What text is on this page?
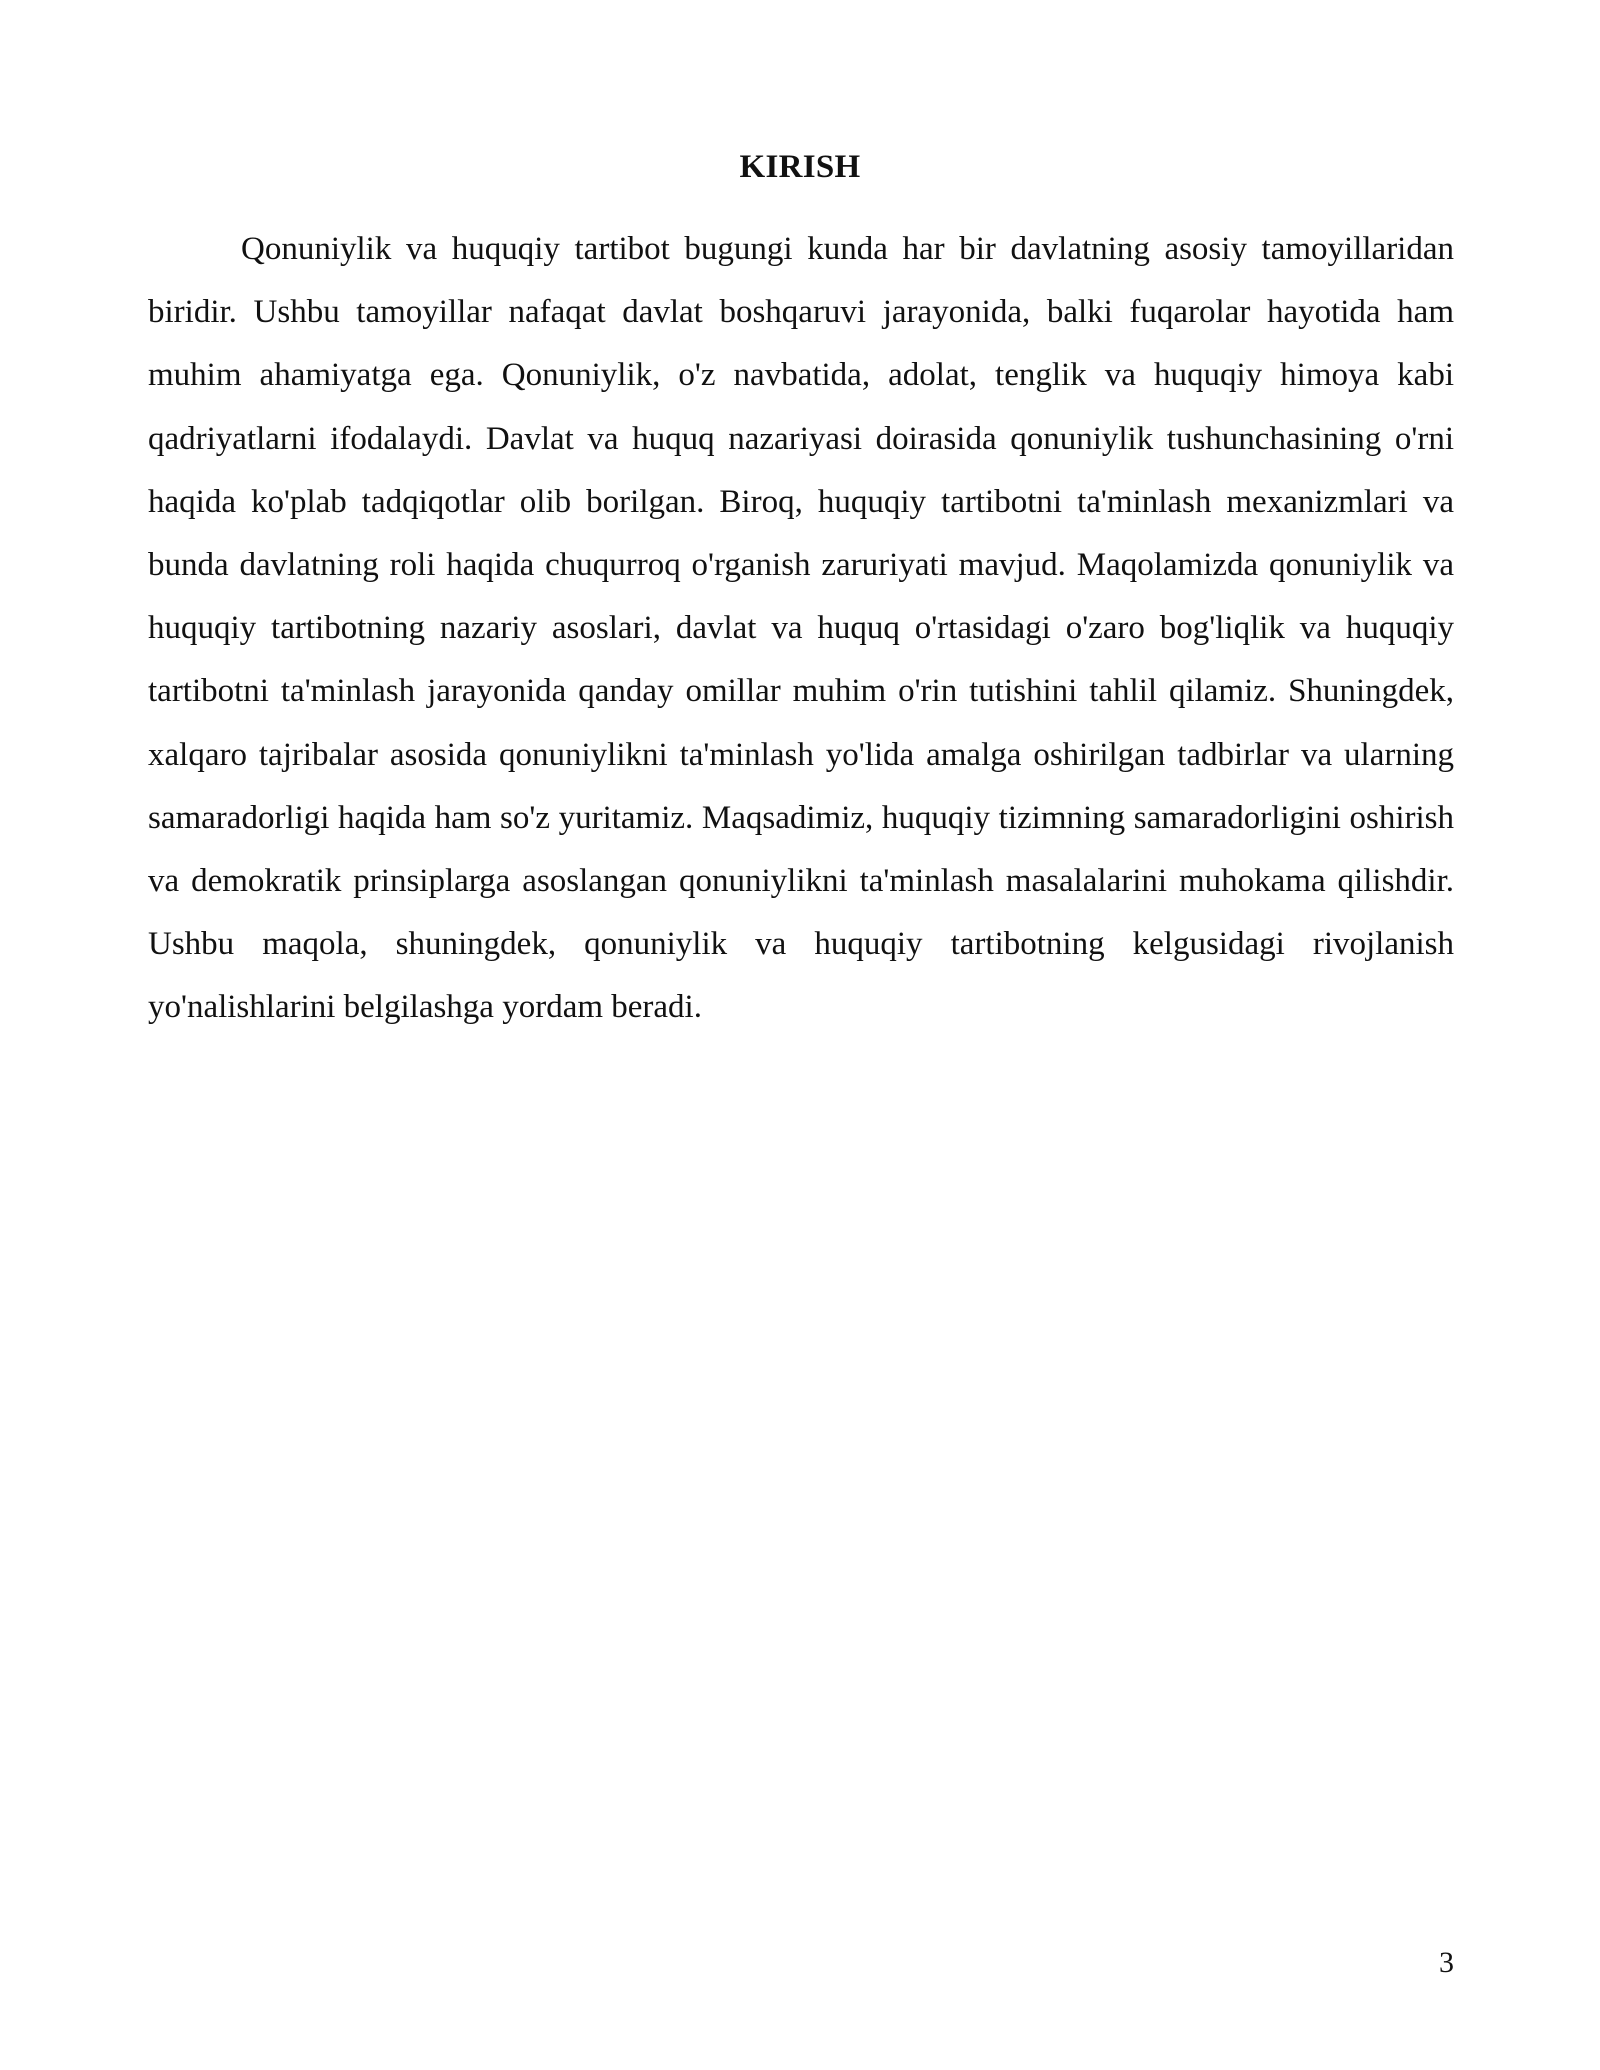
KIRISH

Qonuniylik va huquqiy tartibot bugungi kunda har bir davlatning asosiy tamoyillaridan biridir. Ushbu tamoyillar nafaqat davlat boshqaruvi jarayonida, balki fuqarolar hayotida ham muhim ahamiyatga ega. Qonuniylik, o'z navbatida, adolat, tenglik va huquqiy himoya kabi qadriyatlarni ifodalaydi. Davlat va huquq nazariyasi doirasida qonuniylik tushunchasining o'rni haqida ko'plab tadqiqotlar olib borilgan. Biroq, huquqiy tartibotni ta'minlash mexanizmlari va bunda davlatning roli haqida chuqurroq o'rganish zaruriyati mavjud. Maqolamizda qonuniylik va huquqiy tartibotning nazariy asoslari, davlat va huquq o'rtasidagi o'zaro bog'liqlik va huquqiy tartibotni ta'minlash jarayonida qanday omillar muhim o'rin tutishini tahlil qilamiz. Shuningdek, xalqaro tajribalar asosida qonuniylikni ta'minlash yo'lida amalga oshirilgan tadbirlar va ularning samaradorligi haqida ham so'z yuritamiz. Maqsadimiz, huquqiy tizimning samaradorligini oshirish va demokratik prinsiplarga asoslangan qonuniylikni ta'minlash masalalarini muhokama qilishdir. Ushbu maqola, shuningdek, qonuniylik va huquqiy tartibotning kelgusidagi rivojlanish yo'nalishlarini belgilashga yordam beradi.

3
